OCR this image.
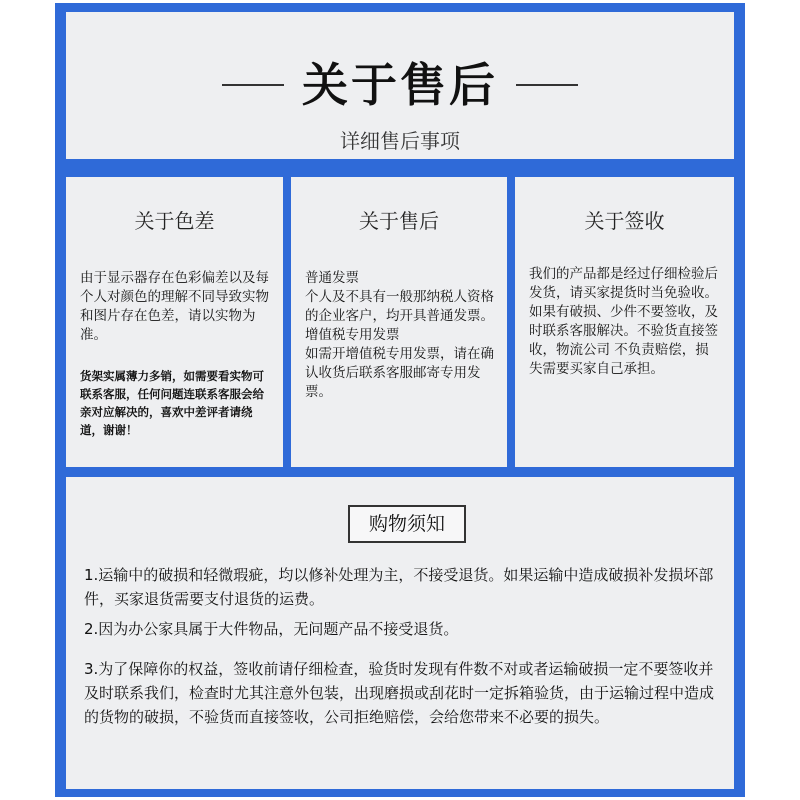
关于售后
详细售后事项
关于色差

由于显示器存在色彩偏差以及每个人对颜色的理解不同导致实物和图片存在色差，请以实物为准。

货架实属薄力多销，如需要看实物可联系客服，任何问题连联系客服会给亲对应解决的，喜欢中差评者请绕道，谢谢！

关于售后

普通发票

个人及不具有一般那纳税人资格的企业客户，均开具普通发票。

增值税专用发票

如需开增值税专用发票，请在确认收货后联系客服邮寄专用发票。

关于签收
我们的产品都是经过仔细检验后发货，请买家提货时当免验收。如果有破损、少件不要签收，及时联系客服解决。不验货直接签收，物流公司 不负责赔偿，损失需要买家自己承担。
购物须知
1.运输中的破损和轻微瑕疵，均以修补处理为主，不接受退货。如果运输中造成破损补发损坏部件，买家退货需要支付退货的运费。
2.因为办公家具属于大件物品，无问题产品不接受退货。
3.为了保障你的权益，签收前请仔细检查，验货时发现有件数不对或者运输破损一定不要签收并及时联系我们，检查时尤其注意外包装，出现磨损或刮花时一定拆箱验货，由于运输过程中造成的货物的破损，不验货而直接签收，公司拒绝赔偿，会给您带来不必要的损失。
